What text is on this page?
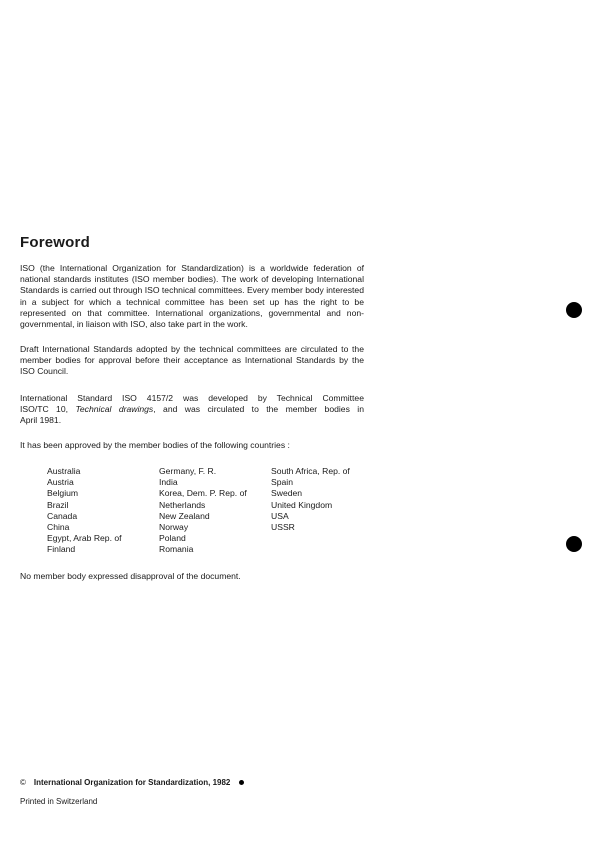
Foreword
ISO (the International Organization for Standardization) is a worldwide federation of national standards institutes (ISO member bodies). The work of developing International Standards is carried out through ISO technical committees. Every member body interested in a subject for which a technical committee has been set up has the right to be represented on that committee. International organizations, governmental and non-governmental, in liaison with ISO, also take part in the work.
Draft International Standards adopted by the technical committees are circulated to the member bodies for approval before their acceptance as International Standards by the ISO Council.
International Standard ISO 4157/2 was developed by Technical Committee
ISO/TC 10, Technical drawings, and was circulated to the member bodies in
April 1981.
It has been approved by the member bodies of the following countries :
Australia
Austria
Belgium
Brazil
Canada
China
Egypt, Arab Rep. of
Finland
Germany, F. R.
India
Korea, Dem. P. Rep. of
Netherlands
New Zealand
Norway
Poland
Romania
South Africa, Rep. of
Spain
Sweden
United Kingdom
USA
USSR
No member body expressed disapproval of the document.
© International Organization for Standardization, 1982
Printed in Switzerland
